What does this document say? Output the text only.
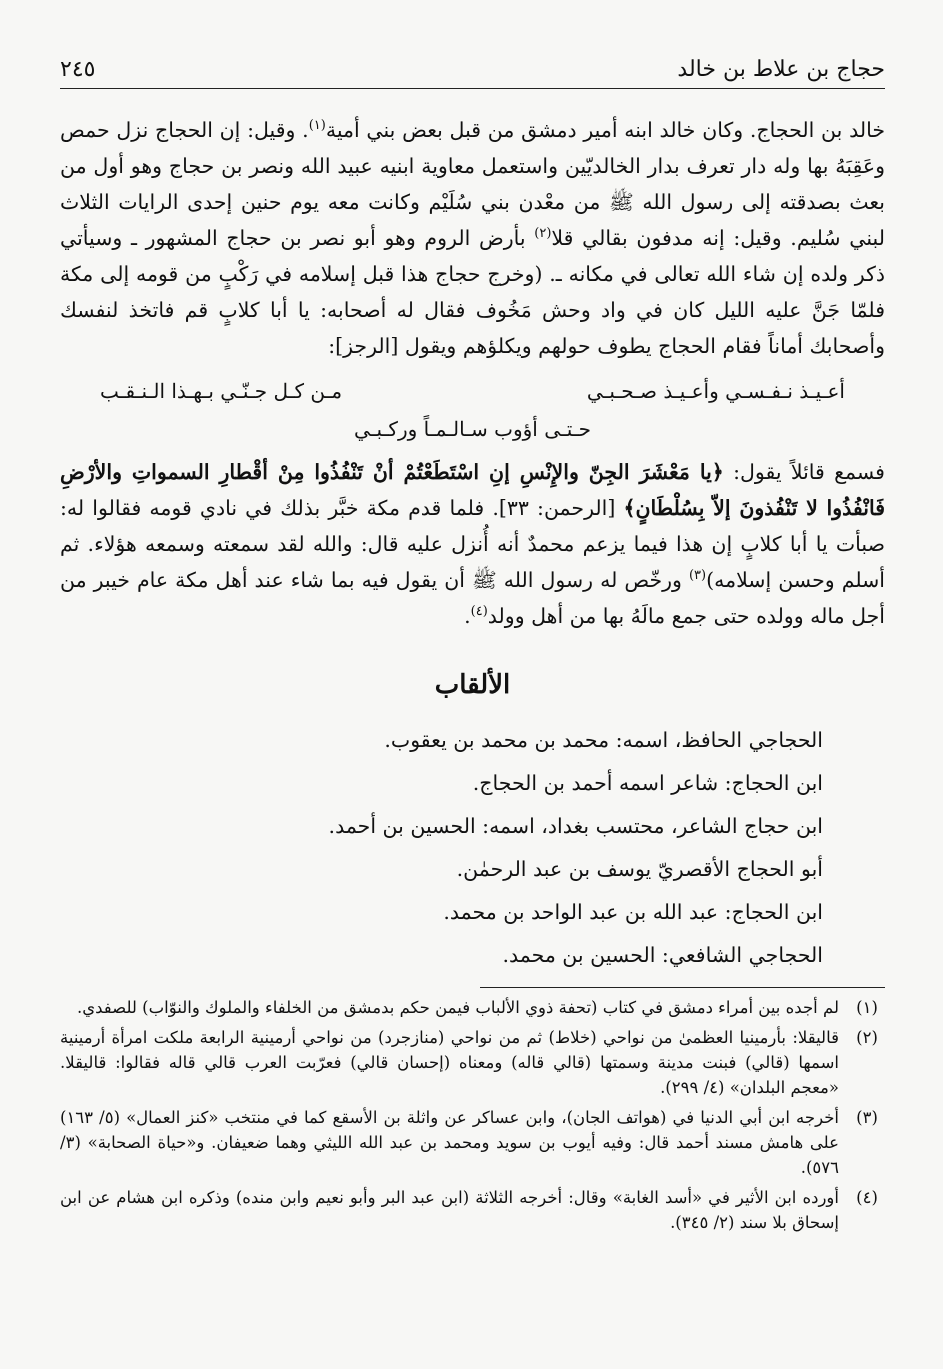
٢٤٥	حجاج بن علاط بن خالد

خالد بن الحجاج. وكان خالد ابنه أمير دمشق من قبل بعض بني أمية$^{(١)}$. وقيل: إن الحجاج نزل حمص وعَقِبَهُ بها وله دار تعرف بدار الخالديّين واستعمل معاوية ابنيه عبيد الله ونصر بن حجاج وهو أول من بعث بصدقته إلى رسول الله ﷺ من معْدن بني سُلَيْم وكانت معه يوم حنين إحدى الرايات الثلاث لبني سُليم. وقيل: إنه مدفون بقالي قلا$^{(٢)}$ بأرض الروم وهو أبو نصر بن حجاج المشهور ـ وسيأتي ذكر ولده إن شاء الله تعالى في مكانه ـ. (وخرج حجاج هذا قبل إسلامه في رَكْبٍ من قومه إلى مكة فلمّا جَنَّ عليه الليل كان في واد وحش مَخُوف فقال له أصحابه: يا أبا كلابٍ قم فاتخذ لنفسك وأصحابك أماناً فقام الحجاج يطوف حولهم ويكلؤهم ويقول [الرجز]:

أعـيـذ نـفـسـي وأعـيـذ صـحـبـي
مـن كـل جـنّـي بـهـذا الـنـقـب
حـتـى أؤوب سـالـمـاً وركـبـي

فسمع قائلاً يقول: ﴿يا مَعْشَرَ الجِنّ والإِنْسِ إنِ اسْتَطَعْتُمْ أنْ تَنْفُذُوا مِنْ أقْطارِ السمواتِ والأرْضِ فَانْفُذُوا لا تَنْفُذونَ إلاّ بِسُلْطَانٍ﴾ [الرحمن: ٣٣]. فلما قدم مكة خبَّر بذلك في نادي قومه فقالوا له: صبأت يا أبا كلابٍ إن هذا فيما يزعم محمدٌ أنه أُنزل عليه قال: والله لقد سمعته وسمعه هؤلاء. ثم أسلم وحسن إسلامه)$^{(٣)}$ ورخّص له رسول الله ﷺ أن يقول فيه بما شاء عند أهل مكة عام خيبر من أجل ماله وولده حتى جمع مالَهُ بها من أهل وولد$^{(٤)}$.

الألقاب
الحجاجي الحافظ، اسمه: محمد بن محمد بن يعقوب.
ابن الحجاج: شاعر اسمه أحمد بن الحجاج.
ابن حجاج الشاعر، محتسب بغداد، اسمه: الحسين بن أحمد.
أبو الحجاج الأقصريّ يوسف بن عبد الرحمٰن.
ابن الحجاج: عبد الله بن عبد الواحد بن محمد.
الحجاجي الشافعي: الحسين بن محمد.
(١)
لم أجده بين أمراء دمشق في كتاب (تحفة ذوي الألباب فيمن حكم بدمشق من الخلفاء والملوك والنوّاب) للصفدي.
(٢)
قاليقلا: بأرمينيا العظمىٰ من نواحي (خلاط) ثم من نواحي (منازجرد) من نواحي أرمينية الرابعة ملكت امرأة أرمينية اسمها (قالي) فبنت مدينة وسمتها (قالي قاله) ومعناه (إحسان قالي) فعرّبت العرب قالي قاله فقالوا: قاليقلا. «معجم البلدان» (٤/ ٢٩٩).
(٣)
أخرجه ابن أبي الدنيا في (هواتف الجان)، وابن عساكر عن واثلة بن الأسقع كما في منتخب «كنز العمال» (٥/ ١٦٣) على هامش مسند أحمد قال: وفيه أيوب بن سويد ومحمد بن عبد الله الليثي وهما ضعيفان. و«حياة الصحابة» (٣/ ٥٧٦).
(٤)
أورده ابن الأثير في «أسد الغابة» وقال: أخرجه الثلاثة (ابن عبد البر وأبو نعيم وابن منده) وذكره ابن هشام عن ابن إسحاق بلا سند (٢/ ٣٤٥).
